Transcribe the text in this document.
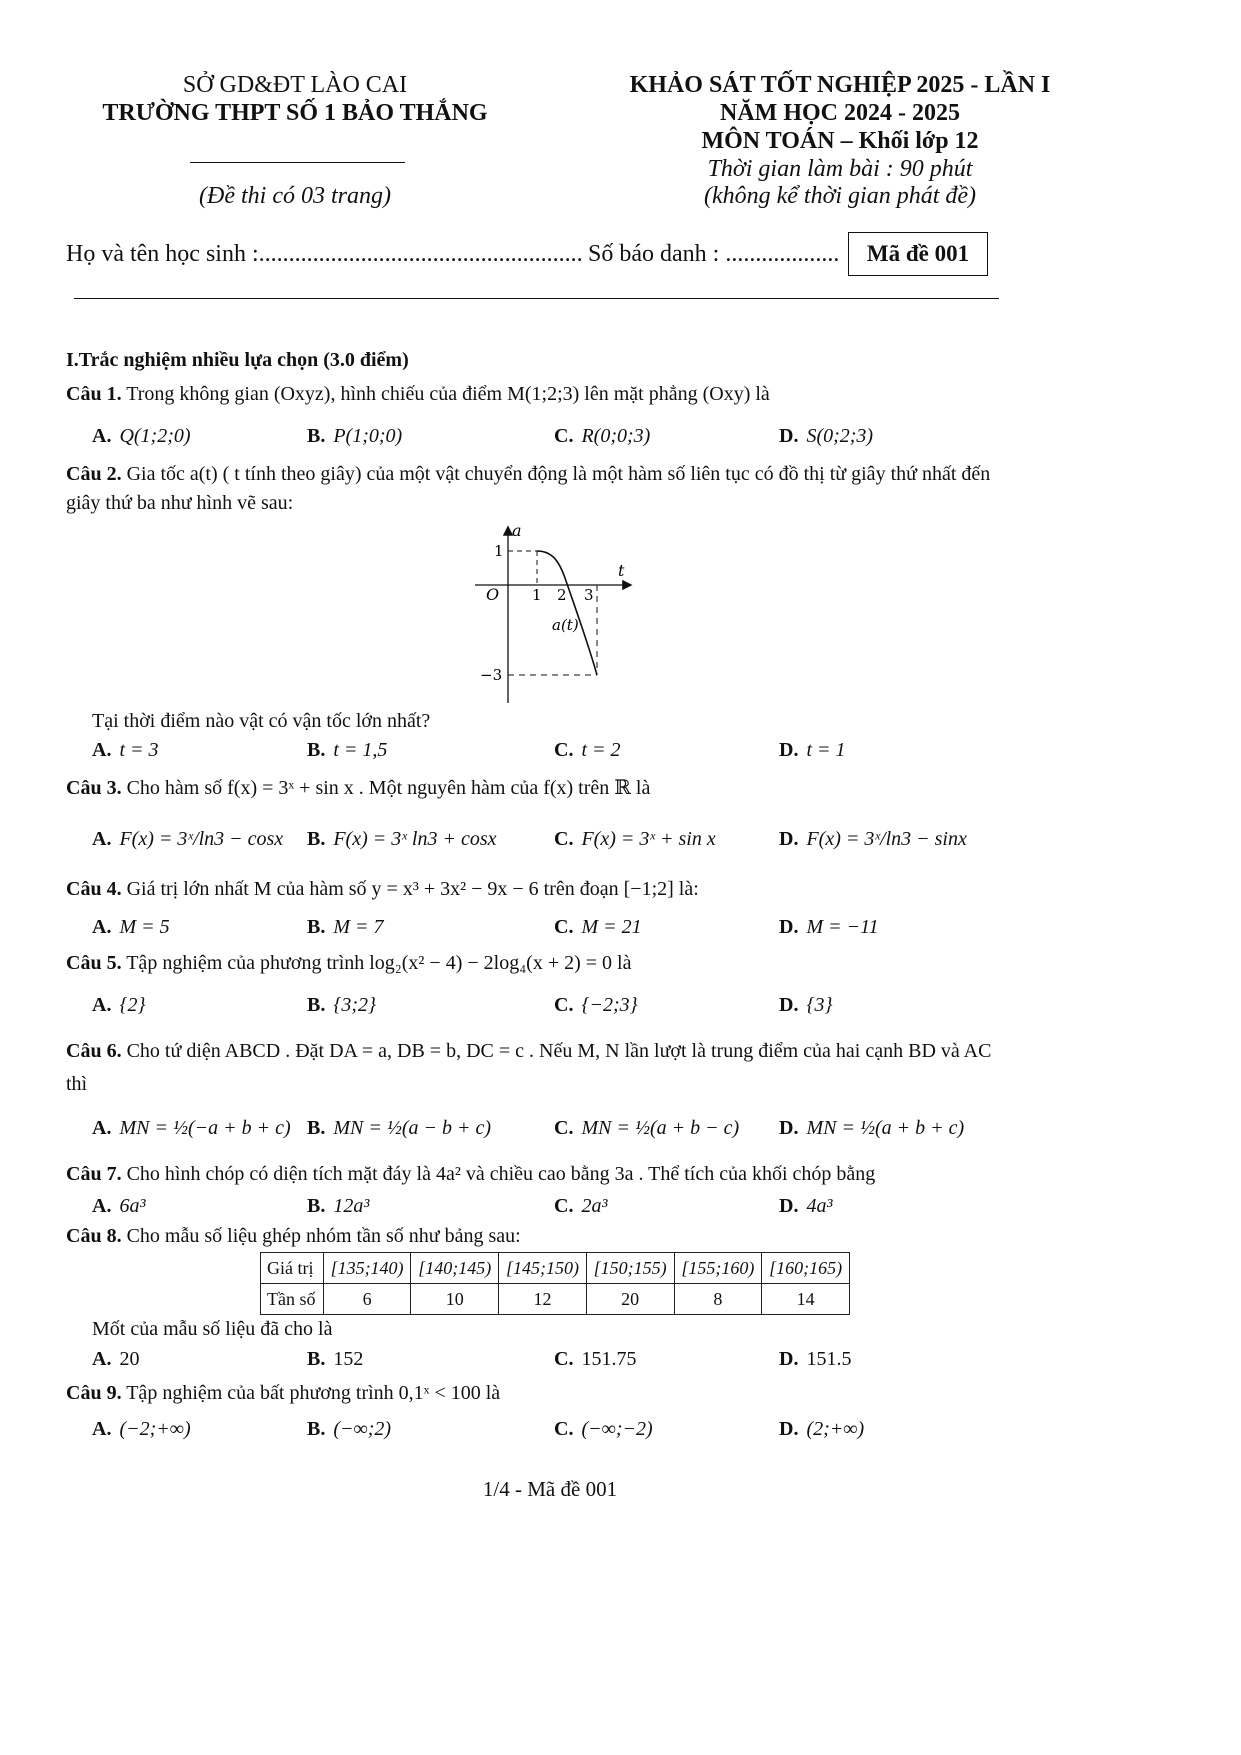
SỞ GD&ĐT LÀO CAI
TRƯỜNG THPT SỐ 1 BẢO THẮNG
(Đề thi có 03 trang)
KHẢO SÁT TỐT NGHIỆP 2025 - LẦN I
NĂM HỌC 2024 - 2025
MÔN TOÁN – Khối lớp 12
Thời gian làm bài : 90 phút
(không kể thời gian phát đề)
Họ và tên học sinh :...................................................... Số báo danh : ...................	Mã đề 001
I.Trắc nghiệm nhiều lựa chọn (3.0 điểm)
Câu 1. Trong không gian (Oxyz), hình chiếu của điểm M(1;2;3) lên mặt phẳng (Oxy) là
A. Q(1;2;0)	B. P(1;0;0)	C. R(0;0;3)	D. S(0;2;3)
Câu 2. Gia tốc a(t) ( t tính theo giây) của một vật chuyển động là một hàm số liên tục có đồ thị từ giây thứ nhất đến
giây thứ ba như hình vẽ sau:
a
t
O
1
−3
1 2 3
a(t)
Tại thời điểm nào vật có vận tốc lớn nhất?
A. t = 3	B. t = 1,5	C. t = 2	D. t = 1
Câu 3. Cho hàm số f(x) = 3ˣ + sin x . Một nguyên hàm của f(x) trên ℝ là
A. F(x) = 3ˣ/ln3 − cosx B. F(x) = 3ˣ ln3 + cosx	C. F(x) = 3ˣ + sin x	D. F(x) = 3ˣ/ln3 − sinx
Câu 4. Giá trị lớn nhất M của hàm số y = x³ + 3x² − 9x − 6 trên đoạn [−1;2] là:
A. M = 5	B. M = 7	C. M = 21	D. M = −11
Câu 5. Tập nghiệm của phương trình log₂(x² − 4) − 2log₄(x + 2) = 0 là
A. {2}	B. {3;2}	C. {−2;3}	D. {3}
Câu 6. Cho tứ diện ABCD . Đặt DA = a, DB = b, DC = c . Nếu M, N lần lượt là trung điểm của hai cạnh BD và AC
thì
A. MN = ½(−a + b + c) B. MN = ½(a − b + c)	C. MN = ½(a + b − c) D. MN = ½(a + b + c)
Câu 7. Cho hình chóp có diện tích mặt đáy là 4a² và chiều cao bằng 3a . Thể tích của khối chóp bằng
A. 6a³	B. 12a³	C. 2a³	D. 4a³
Câu 8. Cho mẫu số liệu ghép nhóm tần số như bảng sau:
Giá trị	[135;140)	[140;145)	[145;150)	[150;155)	[155;160)	[160;165)
Tần số	6	10	12	20	8	14
Mốt của mẫu số liệu đã cho là
A. 20	B. 152	C. 151.75	D. 151.5
Câu 9. Tập nghiệm của bất phương trình 0,1ˣ < 100 là
A. (−2;+∞)	B. (−∞;2)	C. (−∞;−2)	D. (2;+∞)
1/4 - Mã đề 001
